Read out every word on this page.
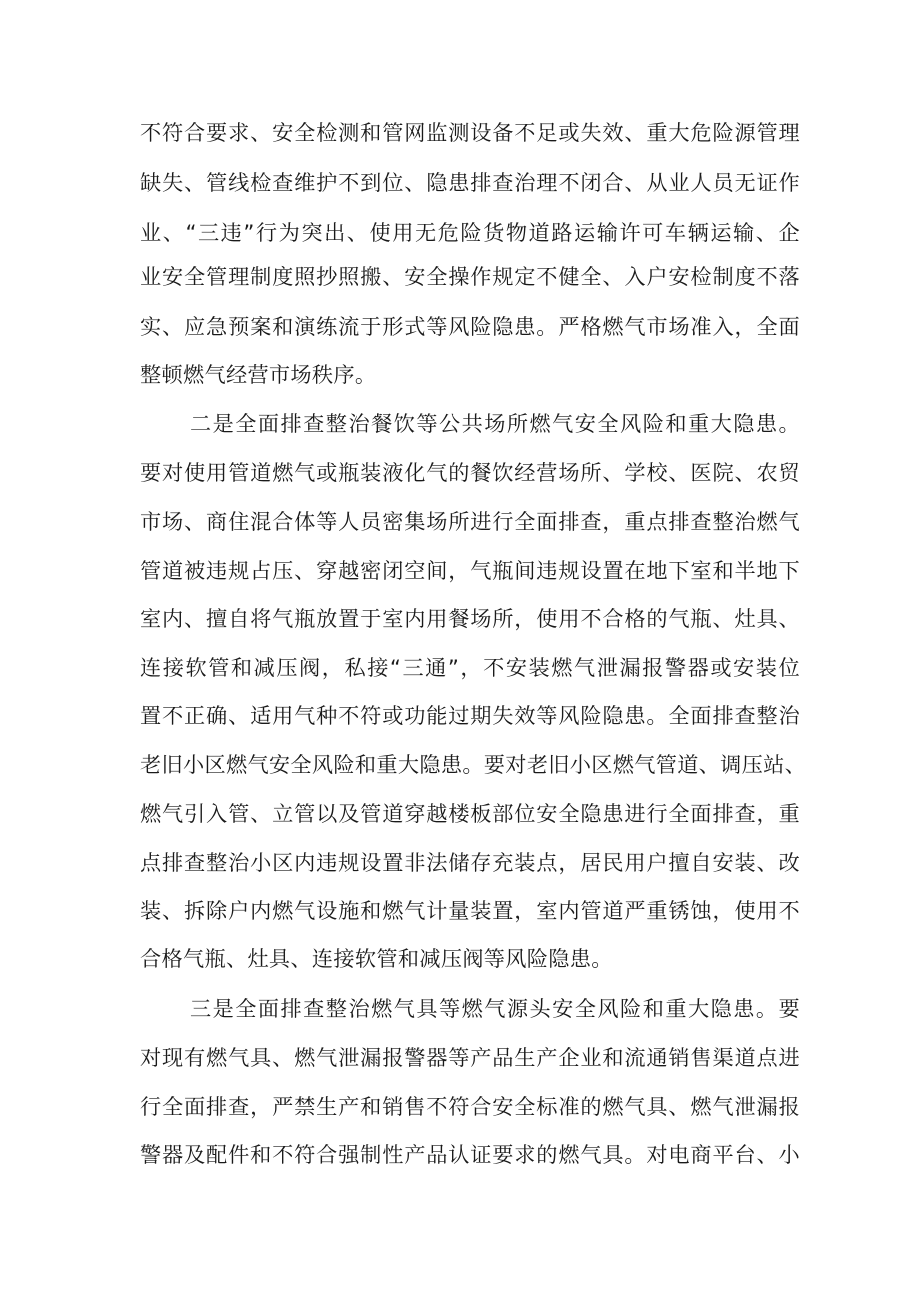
不符合要求、安全检测和管网监测设备不足或失效、重大危险源管理
缺失、管线检查维护不到位、隐患排查治理不闭合、从业人员无证作
业、“三违”行为突出、使用无危险货物道路运输许可车辆运输、企
业安全管理制度照抄照搬、安全操作规定不健全、入户安检制度不落
实、应急预案和演练流于形式等风险隐患。严格燃气市场准入，全面
整顿燃气经营市场秩序。
二是全面排查整治餐饮等公共场所燃气安全风险和重大隐患。
要对使用管道燃气或瓶装液化气的餐饮经营场所、学校、医院、农贸
市场、商住混合体等人员密集场所进行全面排查，重点排查整治燃气
管道被违规占压、穿越密闭空间，气瓶间违规设置在地下室和半地下
室内、擅自将气瓶放置于室内用餐场所，使用不合格的气瓶、灶具、
连接软管和减压阀，私接“三通”，不安装燃气泄漏报警器或安装位
置不正确、适用气种不符或功能过期失效等风险隐患。全面排查整治
老旧小区燃气安全风险和重大隐患。要对老旧小区燃气管道、调压站、
燃气引入管、立管以及管道穿越楼板部位安全隐患进行全面排查，重
点排查整治小区内违规设置非法储存充装点，居民用户擅自安装、改
装、拆除户内燃气设施和燃气计量装置，室内管道严重锈蚀，使用不
合格气瓶、灶具、连接软管和减压阀等风险隐患。
三是全面排查整治燃气具等燃气源头安全风险和重大隐患。要
对现有燃气具、燃气泄漏报警器等产品生产企业和流通销售渠道点进
行全面排查，严禁生产和销售不符合安全标准的燃气具、燃气泄漏报
警器及配件和不符合强制性产品认证要求的燃气具。对电商平台、小
